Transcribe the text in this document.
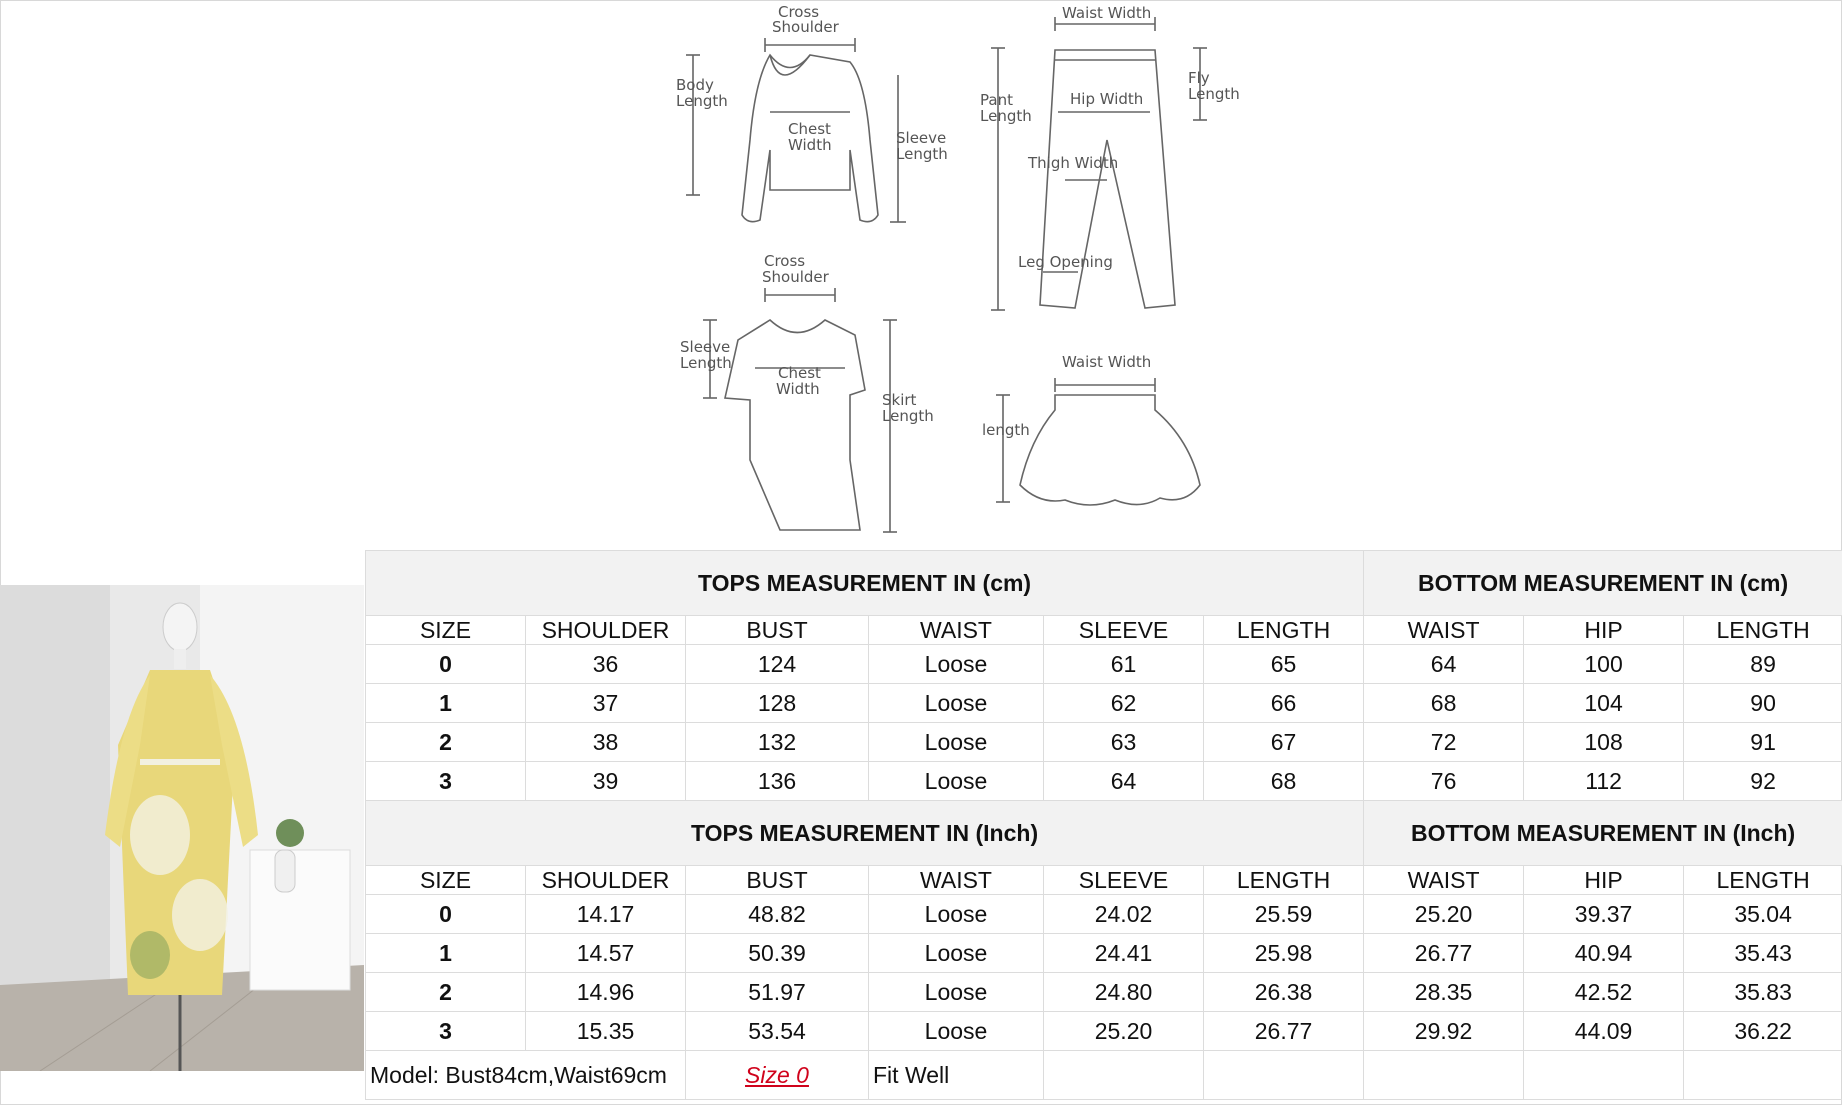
Cross
Shoulder
Body
Length
Chest
Width	Sleeve
Length
Waist Width
Pant
Length
Fly
Length
Hip Width
Thigh Width
Leg Opening
Cross
Shoulder
Sleeve
Length
Chest
Width
Skirt
Length
Waist Width
length
TOPS MEASUREMENT IN (cm)						BOTTOM MEASUREMENT IN (cm)		
SIZE	SHOULDER	BUST	WAIST	SLEEVE	LENGTH	WAIST	HIP	LENGTH
0	36	124	Loose	61	65	64	100	89
1	37	128	Loose	62	66	68	104	90
2	38	132	Loose	63	67	72	108	91
3	39	136	Loose	64	68	76	112	92
TOPS MEASUREMENT IN (Inch)						BOTTOM MEASUREMENT IN (Inch)		
SIZE	SHOULDER	BUST	WAIST	SLEEVE	LENGTH	WAIST	HIP	LENGTH
0	14.17	48.82	Loose	24.02	25.59	25.20	39.37	35.04
1	14.57	50.39	Loose	24.41	25.98	26.77	40.94	35.43
2	14.96	51.97	Loose	24.80	26.38	28.35	42.52	35.83
3	15.35	53.54	Loose	25.20	26.77	29.92	44.09	36.22
Model: Bust84cm,Waist69cm		Size 0	Fit Well					
